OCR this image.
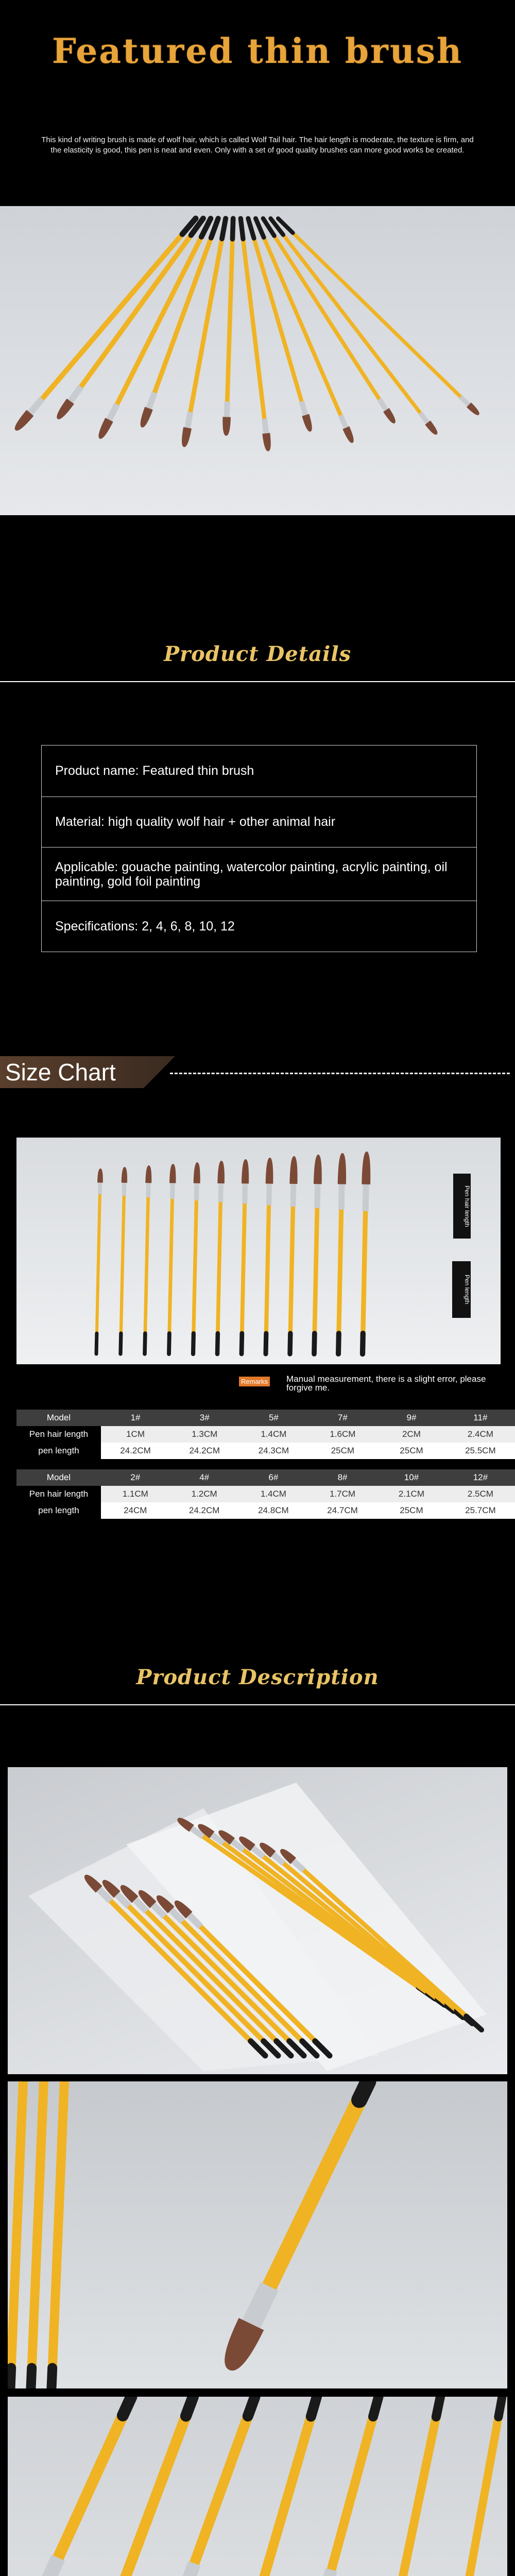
Featured thin brush
This kind of writing brush is made of wolf hair, which is called Wolf Tail hair. The hair length is moderate, the texture is firm, and the elasticity is good, this pen is neat and even. Only with a set of good quality brushes can more good works be created.
Product Details
Product name: Featured thin brush
Material: high quality wolf hair + other animal hair
Applicable: gouache painting, watercolor painting, acrylic painting, oil painting, gold foil painting
Specifications: 2, 4, 6, 8, 10, 12
Size Chart
Pen hair length
Pen length
Remarks Manual measurement, there is a slight error, please forgive me.
Model	1#	3#	5#	7#	9#	11#
Pen hair length	1CM	1.3CM	1.4CM	1.6CM	2CM	2.4CM
pen length	24.2CM	24.2CM	24.3CM	25CM	25CM	25.5CM
Model	2#	4#	6#	8#	10#	12#
Pen hair length	1.1CM	1.2CM	1.4CM	1.7CM	2.1CM	2.5CM
pen length	24CM	24.2CM	24.8CM	24.7CM	25CM	25.7CM
Product Description
